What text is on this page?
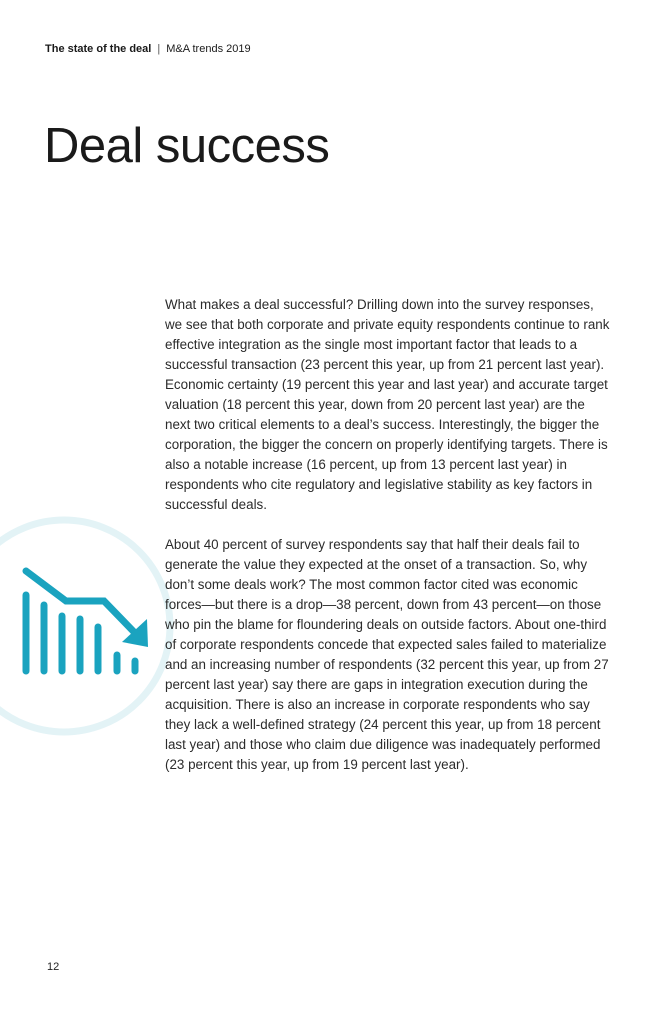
The state of the deal | M&A trends 2019
Deal success

What makes a deal successful? Drilling down into the survey responses, we see that both corporate and private equity respondents continue to rank effective integration as the single most important factor that leads to a successful transaction (23 percent this year, up from 21 percent last year). Economic certainty (19 percent this year and last year) and accurate target valuation (18 percent this year, down from 20 percent last year) are the next two critical elements to a deal’s success. Interestingly, the bigger the corporation, the bigger the concern on properly identifying targets. There is also a notable increase (16 percent, up from 13 percent last year) in respondents who cite regulatory and legislative stability as key factors in successful deals.

About 40 percent of survey respondents say that half their deals fail to generate the value they expected at the onset of a transaction. So, why don’t some deals work? The most common factor cited was economic forces—but there is a drop—38 percent, down from 43 percent—on those who pin the blame for floundering deals on outside factors. About one-third of corporate respondents concede that expected sales failed to materialize and an increasing number of respondents (32 percent this year, up from 27 percent last year) say there are gaps in integration execution during the acquisition. There is also an increase in corporate respondents who say they lack a well-defined strategy (24 percent this year, up from 18 percent last year) and those who claim due diligence was inadequately performed (23 percent this year, up from 19 percent last year).

12
